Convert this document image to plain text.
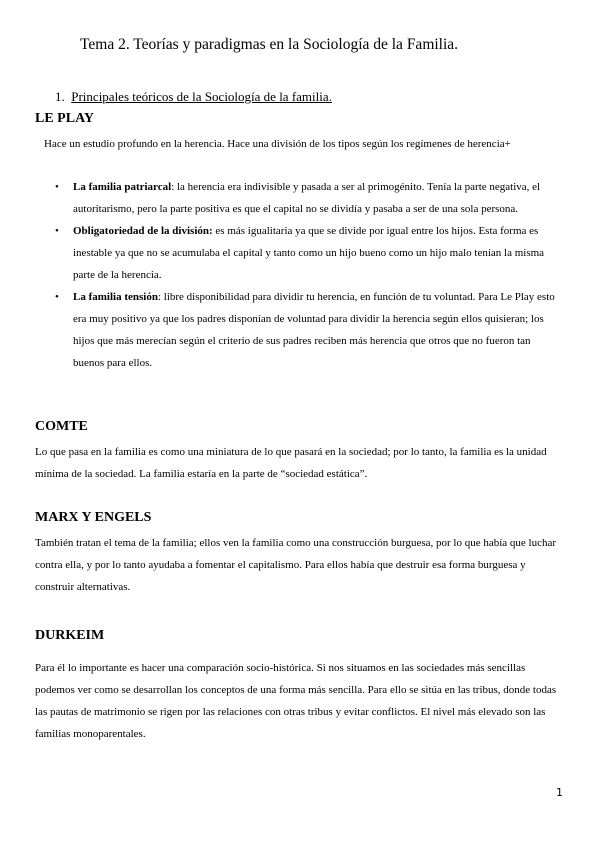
Tema 2. Teorías y paradigmas en la Sociología de la Familia.
1. Principales teóricos de la Sociología de la familia.
LE PLAY
Hace un estudio profundo en la herencia. Hace una división de los tipos según los regímenes de herencia+
• La familia patriarcal: la herencia era indivisible y pasada a ser al primogénito. Tenía la parte negativa, el autoritarismo, pero la parte positiva es que el capital no se dividía y pasaba a ser de una sola persona.
• Obligatoriedad de la división: es más igualitaria ya que se divide por igual entre los hijos. Esta forma es inestable ya que no se acumulaba el capital y tanto como un hijo bueno como un hijo malo tenían la misma parte de la herencia.
• La familia tensión: libre disponibilidad para dividir tu herencia, en función de tu voluntad. Para Le Play esto era muy positivo ya que los padres disponían de voluntad para dividir la herencia según ellos quisieran; los hijos que más merecían según el criterio de sus padres reciben más herencia que otros que no fueron tan buenos para ellos.
COMTE
Lo que pasa en la familia es como una miniatura de lo que pasará en la sociedad; por lo tanto, la familia es la unidad mínima de la sociedad. La familia estaría en la parte de “sociedad estática”.
MARX Y ENGELS
También tratan el tema de la familia; ellos ven la familia como una construcción burguesa, por lo que había que luchar contra ella, y por lo tanto ayudaba a fomentar el capitalismo. Para ellos había que destruir esa forma burguesa y construir alternativas.
DURKEIM
Para él lo importante es hacer una comparación socio-histórica. Si nos situamos en las sociedades más sencillas podemos ver como se desarrollan los conceptos de una forma más sencilla. Para ello se sitúa en las tribus, donde todas las pautas de matrimonio se rigen por las relaciones con otras tribus y evitar conflictos. El nivel más elevado son las familias monoparentales.
1
